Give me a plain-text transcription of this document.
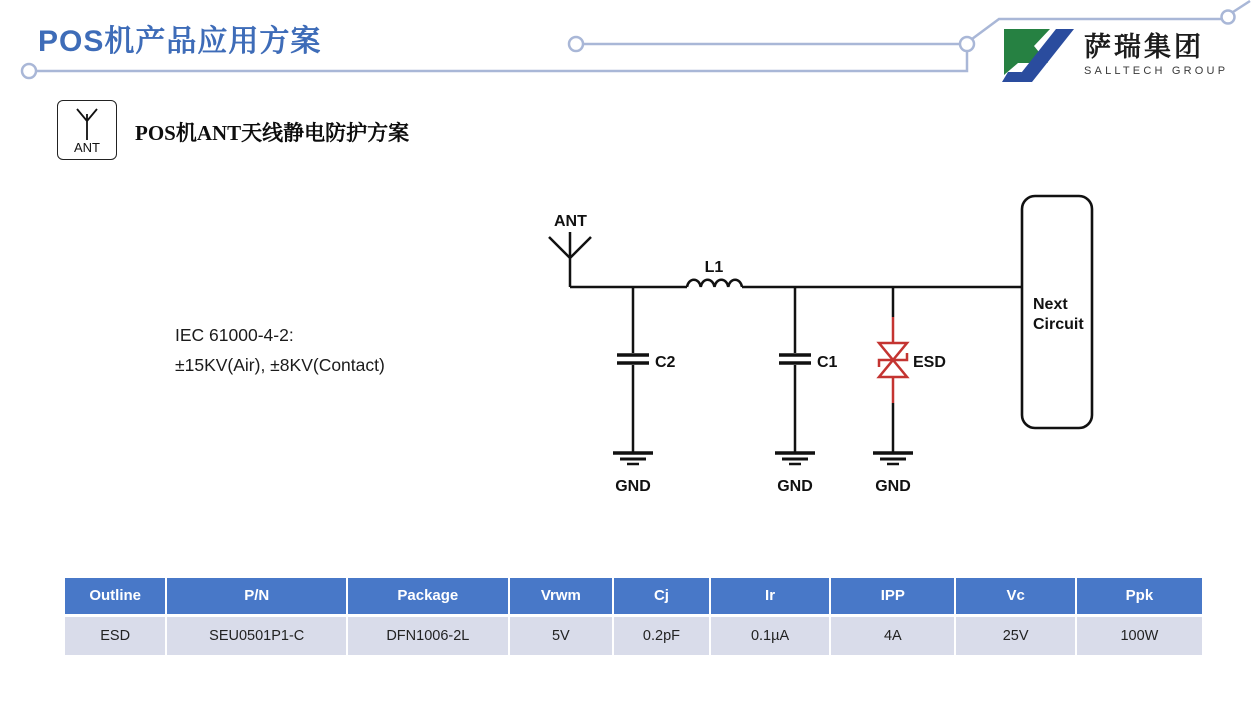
POS机产品应用方案	萨瑞集团
SALLTECH GROUP
ANT
POS机ANT天线静电防护方案
IEC 61000-4-2:
±15KV(Air), ±8KV(Contact)
ANT
L1
C2
GND
C1
GND
ESD
GND
Next
Circuit
Outline	P/N	Package	Vrwm	Cj	Ir	IPP	Vc	Ppk
ESD	SEU0501P1-C	DFN1006-2L	5V	0.2pF	0.1µA	4A	25V	100W
